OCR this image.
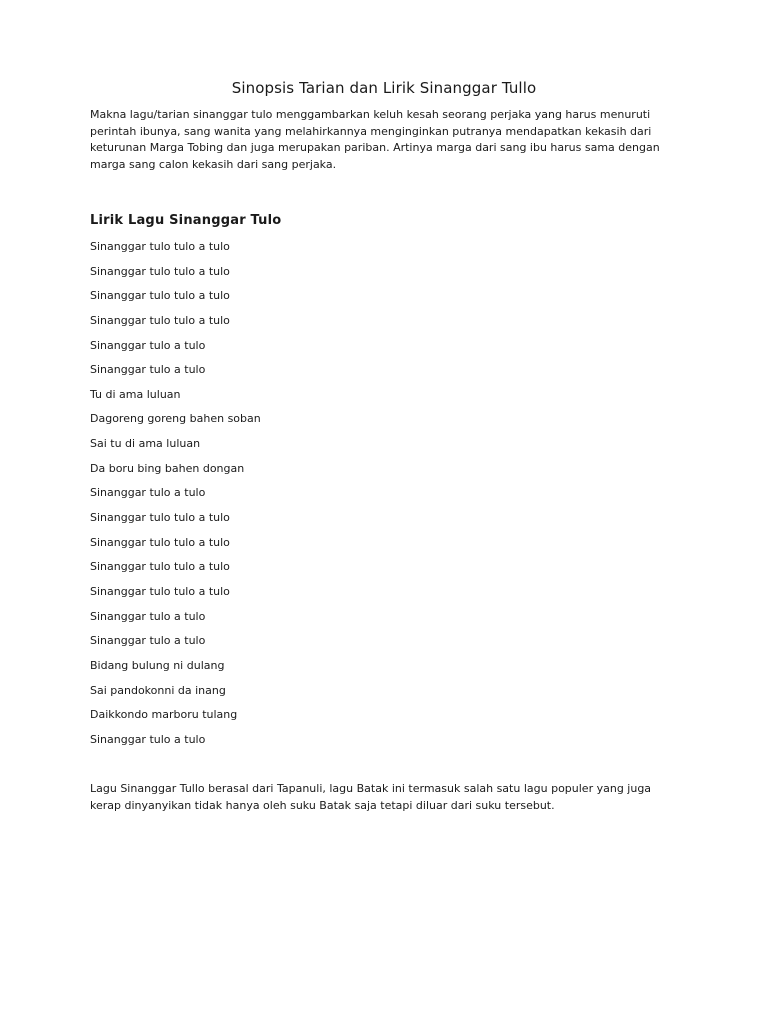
Sinopsis Tarian dan Lirik Sinanggar Tullo

Makna lagu/tarian sinanggar tulo menggambarkan keluh kesah seorang perjaka yang harus menuruti perintah ibunya, sang wanita yang melahirkannya menginginkan putranya mendapatkan kekasih dari keturunan Marga Tobing dan juga merupakan pariban. Artinya marga dari sang ibu harus sama dengan marga sang calon kekasih dari sang perjaka.

Lirik Lagu Sinanggar Tulo
Sinanggar tulo tulo a tulo
Sinanggar tulo tulo a tulo
Sinanggar tulo tulo a tulo
Sinanggar tulo tulo a tulo
Sinanggar tulo a tulo
Sinanggar tulo a tulo
Tu di ama luluan
Dagoreng goreng bahen soban
Sai tu di ama luluan
Da boru bing bahen dongan
Sinanggar tulo a tulo
Sinanggar tulo tulo a tulo
Sinanggar tulo tulo a tulo
Sinanggar tulo tulo a tulo
Sinanggar tulo tulo a tulo
Sinanggar tulo a tulo
Sinanggar tulo a tulo
Bidang bulung ni dulang
Sai pandokonni da inang
Daikkondo marboru tulang
Sinanggar tulo a tulo

Lagu Sinanggar Tullo berasal dari Tapanuli, lagu Batak ini termasuk salah satu lagu populer yang juga kerap dinyanyikan tidak hanya oleh suku Batak saja tetapi diluar dari suku tersebut.
